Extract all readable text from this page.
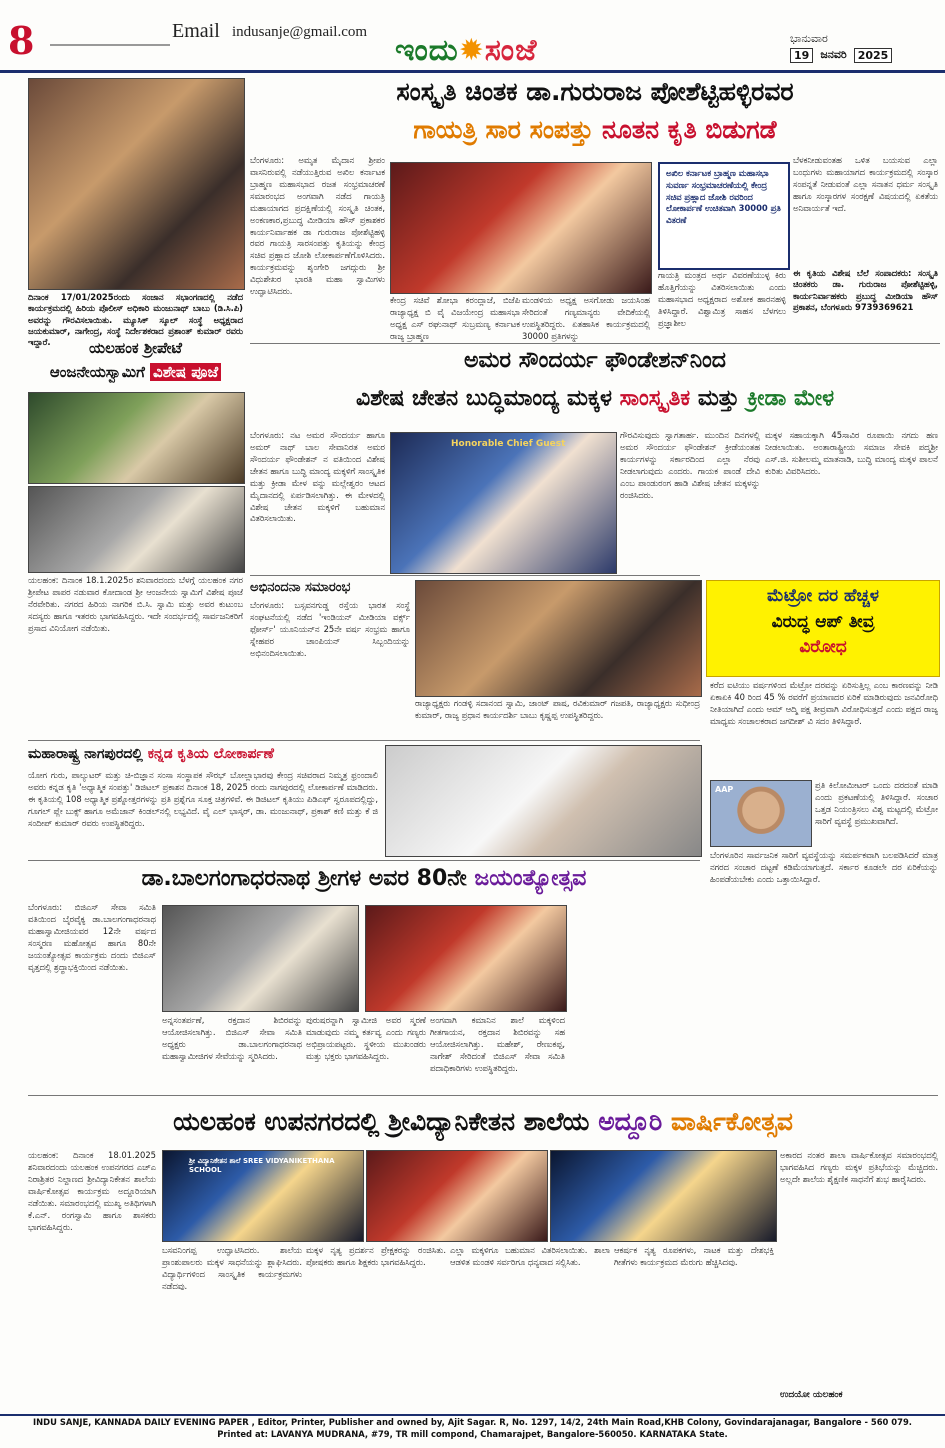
8	Email indusanje@gmail.com
ಇಂದು✹ಸಂಜೆ	ಭಾನುವಾರ
19	ಜನವರಿ	2025
ದಿನಾಂಕ 17/01/2025ರಂದು ಸಂಜಾನ ಸಭಾಂಗಣದಲ್ಲಿ ನಡೆದ ಕಾರ್ಯಕ್ರಮದಲ್ಲಿ ಹಿರಿಯ ಪೊಲೀಸ್ ಅಧಿಕಾರಿ ಮಂಜುನಾಥ್ ಬಾಬು (ಡಿ.ಸಿ.ಪಿ) ಅವರನ್ನು ಗೌರವಿಸಲಾಯಿತು. ಮ್ಯೂಸಿಕ್ ಸ್ಕೂಲ್ ಸಂಸ್ಥೆ ಅಧ್ಯಕ್ಷರಾದ ಜಯಕುಮಾರ್, ನಾಗೇಂದ್ರ, ಸಂಸ್ಥೆ ನಿರ್ದೇಶಕರಾದ ಪ್ರಶಾಂತ್ ಕುಮಾರ್ ರವರು ಇದ್ದಾರೆ.
ಸಂಸ್ಕೃತಿ ಚಿಂತಕ ಡಾ.ಗುರುರಾಜ ಪೋಶೆಟ್ಟಿಹಳ್ಳಿರವರ
ಗಾಯತ್ರಿ ಸಾರ ಸಂಪತ್ತು ನೂತನ ಕೃತಿ ಬಿಡುಗಡೆ
ಬೆಂಗಳೂರು: ಅಮೃತ ಮೈದಾನ ಶ್ರೀಪಂ ವಾಸನಿರುವಲ್ಲಿ ನಡೆಯುತ್ತಿರುವ ಅಖಿಲ ಕರ್ನಾಟಕ ಬ್ರಾಹ್ಮಣ ಮಹಾಸಭಾದ ರಜತ ಸಂಭ್ರಮಾಚರಣೆ ಸಮಾರಂಭದ ಅಂಗವಾಗಿ ನಡೆದ ಗಾಯತ್ರಿ ಮಹಾಯಾಗದ ಪ್ರದಕ್ಷಿಣೆಯಲ್ಲಿ ಸಂಸ್ಕೃತಿ ಚಿಂತಕ, ಅಂಕಣಕಾರ,ಪ್ರಬುದ್ಧ ಮೀಡಿಯಾ ಹೌಸ್ ಪ್ರಕಾಶಕರ ಕಾರ್ಯನಿರ್ವಾಹಕ ಡಾ ಗುರುರಾಜ ಪೋಶೆಟ್ಟಿಹಳ್ಳಿ ರವರ ಗಾಯತ್ರಿ ಸಾರಸಂಪತ್ತು ಕೃತಿಯನ್ನು ಕೇಂದ್ರ ಸಚಿವ ಪ್ರಹ್ಲಾದ ಜೋಶಿ ಲೋಕಾರ್ಪಣೆಗೊಳಿಸಿದರು. ಕಾರ್ಯಕ್ರಮವನ್ನು ಶೃಂಗೇರಿ ಜಗದ್ಗುರು ಶ್ರೀ ವಿಧುಶೇಖರ ಭಾರತಿ ಮಹಾ ಸ್ವಾಮಿಗಳು ಉದ್ಘಾಟಿಸಿದರು.
ಕೇಂದ್ರ ಸಚಿವೆ ಶೋಭಾ ಕರಂದ್ಲಾಜೆ, ಬಿಜೆಪಿ ರಾಜ್ಯಾಧ್ಯಕ್ಷ ಬಿ ವೈ ವಿಜಯೇಂದ್ರ ಮಹಾಸಭಾ ಅಧ್ಯಕ್ಷ ಎಸ್ ರಘುನಾಥ್ ಸುಬ್ರಮಣ್ಯ ಕರ್ನಾಟಕ ರಾಜ್ಯ ಬ್ರಾಹ್ಮಣ
ಮಂಡಳಿಯ ಅಧ್ಯಕ್ಷ ಅಸಗೋಡು ಜಯಸಿಂಹ ಸೇರಿದಂತೆ ಗಣ್ಯಮಾನ್ಯರು ವೇದಿಕೆಯಲ್ಲಿ ಉಪಸ್ಥಿತರಿದ್ದರು. ಏತಹಾಸಿಕ ಕಾರ್ಯಕ್ರಮದಲ್ಲಿ 30000 ಪ್ರತಿಗಳನ್ನು
ಅಖಿಲ ಕರ್ನಾಟಕ ಬ್ರಾಹ್ಮಣ ಮಹಾಸಭಾ ಸುವರ್ಣ ಸಂಭ್ರಮಾಚರಣೆಯಲ್ಲಿ ಕೇಂದ್ರ ಸಚಿವ ಪ್ರಹ್ಲಾದ ಜೋಶಿ ರವರಿಂದ ಲೋಕಾರ್ಪಣೆ ಉಚಿತವಾಗಿ 30000 ಪ್ರತಿ ವಿತರಣೆ
ಗಾಯತ್ರಿ ಮಂತ್ರದ ಅರ್ಥ ವಿವರಣೆಯುಳ್ಳ ಕಿರು ಹೊತ್ತಿಗೆಯನ್ನು ವಿತರಿಸಲಾಯಿತು ಎಂದು ಮಹಾಸಭಾದ ಅಧ್ಯಕ್ಷರಾದ ಅಶೋಕ ಹಾರನಹಳ್ಳಿ ತಿಳಿಸಿದ್ದಾರೆ. ವಿಶ್ವಾಮಿತ್ರ ಸಾಹಸ ಬೆಳಗಲು ಪ್ರಜ್ಞಾಶೀಲ
ಬೆಳಕನೀಡುವಂತಹ ಒಳಿತ ಬಯಸುವ ಎಲ್ಲಾ ಬಂಧುಗಳು ಮಹಾಯಾಗದ ಕಾರ್ಯಕ್ರಮದಲ್ಲಿ ಸಂಸ್ಕಾರ ಸಂಪನ್ನತೆ ನೀಡುವಂತೆ ಎಲ್ಲಾ ಸನಾತನ ಧರ್ಮ ಸಂಸ್ಕೃತಿ ಹಾಗೂ ಸಂಸ್ಕಾರಗಳ ಸಂರಕ್ಷಣೆ ವಿಷಯದಲ್ಲಿ ಏಕತೆಯ ಅನಿವಾರ್ಯತೆ ಇದೆ.
ಈ ಕೃತಿಯ ವಿಶೇಷ ಬೆಲೆ ಸಂಪಾದಕರು: ಸಂಸ್ಕೃತಿ ಚಿಂತಕರು ಡಾ. ಗುರುರಾಜ ಪೋಶೆಟ್ಟಿಹಳ್ಳಿ, ಕಾರ್ಯನಿರ್ವಾಹಕರು ಪ್ರಬುದ್ಧ ಮೀಡಿಯಾ ಹೌಸ್ ಪ್ರಕಾಶನ, ಬೆಂಗಳೂರು 9739369621
ಯಲಹಂಕ ಶ್ರೀಪೇಟೆ
ಆಂಜನೇಯಸ್ವಾಮಿಗೆ ವಿಶೇಷ ಪೂಜೆ
ಯಲಹಂಕ: ದಿನಾಂಕ 18.1.2025ರ ಶನಿವಾರದಂದು ಬೆಳಗ್ಗೆ ಯಲಹಂಕ ನಗರ ಶ್ರೀಪೇಟ ಪಾಪರ ನಡುವಾರ ಕೋದಾಂಡ ಶ್ರೀ ಆಂಜನೇಯ ಸ್ವಾಮಿಗೆ ವಿಶೇಷ ಪೂಜೆ ನೆರವೇರಿತು. ನಗರದ ಹಿರಿಯ ನಾಗರಿಕ ಬಿ.ಸಿ. ಸ್ವಾಮಿ ಮತ್ತು ಅವರ ಕುಟುಂಬ ಸದಸ್ಯರು ಹಾಗೂ ಇತರರು ಭಾಗವಹಿಸಿದ್ದರು. ಇದೇ ಸಂದರ್ಭದಲ್ಲಿ ಸಾರ್ವಜನಿಕರಿಗೆ ಪ್ರಸಾದ ವಿನಿಯೋಗ ನಡೆಯಿತು.
ಅಮರ ಸೌಂದರ್ಯ ಫೌಂಡೇಶನ್‌ನಿಂದ
ವಿಶೇಷ ಚೇತನ ಬುದ್ಧಿಮಾಂದ್ಯ ಮಕ್ಕಳ ಸಾಂಸ್ಕೃತಿಕ ಮತ್ತು ಕ್ರೀಡಾ ಮೇಳ
ಬೆಂಗಳೂರು: ನಟ ಅಮರ ಸೌಂದರ್ಯ ಹಾಗೂ ಅಮರ್ ನಾಥ್ ಬಾಲ ಸೇವಾನಿರತ ಅಮರ ಸೌಂದರ್ಯ ಫೌಂಡೇಶನ್ ನ ವತಿಯಿಂದ ವಿಶೇಷ ಚೇತನ ಹಾಗೂ ಬುದ್ಧಿ ಮಾಂದ್ಯ ಮಕ್ಕಳಿಗೆ ಸಾಂಸ್ಕೃತಿಕ ಮತ್ತು ಕ್ರೀಡಾ ಮೇಳ ವನ್ನು ಮಲ್ಲೇಶ್ವರಂ ಆಟದ ಮೈದಾನದಲ್ಲಿ ಏರ್ಪಡಿಸಲಾಗಿತ್ತು. ಈ ಮೇಳದಲ್ಲಿ ವಿಶೇಷ ಚೇತನ ಮಕ್ಕಳಿಗೆ ಬಹುಮಾನ ವಿತರಿಸಲಾಯಿತು.
Honorable Chief Guest
ಗೌರವಿಸುವುದು ಸ್ವಾಗತಾರ್ಹ. ಮುಂದಿನ ದಿನಗಳಲ್ಲಿ ಅಮರ ಸೌಂದರ್ಯ ಫೌಂಡೇಶನ್ ಕ್ರೀಡೆಯಂತಹ ಕಾರ್ಯಗಳನ್ನು ಸರ್ಕಾರದಿಂದ ಎಲ್ಲಾ ನೆರವು ನೀಡಲಾಗುವುದು ಎಂದರು. ಗಾಯಕ ಪಾಂಡೆ ದೇವಿ ಎಂಬ ಪಾಂಡುರಂಗ ಹಾಡಿ ವಿಶೇಷ ಚೇತನ ಮಕ್ಕಳನ್ನು ರಂಜಿಸಿದರು.
ಮಕ್ಕಳ ಸಹಾಯಕ್ಕಾಗಿ 45ಸಾವಿರ ರೂಪಾಯಿ ನಗದು ಹಣ ನೀಡಲಾಯಿತು. ಅಂತಾರಾಷ್ಟ್ರೀಯ ಸಮಾಜ ಸೇವಕಿ ಪದ್ಮಶ್ರೀ ಎಸ್.ಜಿ. ಸುಶೀಲಮ್ಮ ಮಾತನಾಡಿ, ಬುದ್ಧಿ ಮಾಂದ್ಯ ಮಕ್ಕಳ ಪಾಲನೆ ಕುರಿತು ವಿವರಿಸಿದರು.
ಅಭಿನಂದನಾ ಸಮಾರಂಭ
ಬೆಂಗಳೂರು: ಬಸ್ಸವನಗುಡ್ಡ ರಸ್ತೆಯ ಭಾರತ ಸಂಸ್ಥೆ ಸಂಘಟನೆಯಲ್ಲಿ ನಡೆದ 'ಇಂಡಿಯನ್ ಮೀಡಿಯಾ ವರ್ಕ್ಸ್ ಫೋರ್ಸ್' ಯೂನಿಯನ್‌ನ 25ನೇ ವರ್ಷ ಸಂಭ್ರಮ ಹಾಗೂ ಸ್ನೇಹಪರ ಚಾಂಪಿಯನ್ ಸಿಬ್ಬಂದಿಯನ್ನು ಅಭಿನಂದಿಸಲಾಯಿತು.
ರಾಜ್ಯಾಧ್ಯಕ್ಷರು ಗಂಡಳ್ಳಿ ಸದಾನಂದ ಸ್ವಾಮಿ, ಜಾಂಟ್ ಪಾಷ, ರವಿಕುಮಾರ್ ಗಜಪತಿ, ರಾಜ್ಯಾಧ್ಯಕ್ಷರು ಸುಧೀಂದ್ರ ಕುಮಾರ್, ರಾಜ್ಯ ಪ್ರಧಾನ ಕಾರ್ಯದರ್ಶಿ ಬಾಬು ಕೃಷ್ಣಪ್ಪ ಉಪಸ್ಥಿತರಿದ್ದರು.
ಮೆಟ್ರೋ ದರ ಹೆಚ್ಚಳ
ವಿರುದ್ಧ ಆಪ್ ತೀವ್ರ
ವಿರೋಧ
ಕರೆದ ಐಟಿಯು ವರ್ಷಗಳಿಂದ ಮೆಟ್ರೋ ದರವನ್ನು ಏರಿಸುತ್ತಿಲ್ಲ ಎಂಬ ಕಾರಣವನ್ನು ನೀಡಿ ಏಕಾಏಕಿ 40 ರಿಂದ 45 % ರವರೆಗೆ ಪ್ರಯಾಣದರ ಏರಿಕೆ ಮಾಡಿರುವುದು ಜನವಿರೋಧಿ ನೀತಿಯಾಗಿದೆ ಎಂದು ಆಮ್ ಆದ್ಮಿ ಪಕ್ಷ ತೀವ್ರವಾಗಿ ವಿರೋಧಿಸುತ್ತದೆ ಎಂದು ಪಕ್ಷದ ರಾಜ್ಯ ಮಾಧ್ಯಮ ಸಂಚಾಲಕರಾದ ಜಗದೀಶ್ ವಿ ಸದಂ ತಿಳಿಸಿದ್ದಾರೆ.
AAP	ಪ್ರತಿ ಕಿಲೋಮೀಟರ್ ಒಂದು ದರದಂತೆ ಮಾಡಿ ಎಂದು ಪ್ರಕಟಣೆಯಲ್ಲಿ ತಿಳಿಸಿದ್ದಾರೆ. ಸಂಚಾರ ಒತ್ತಡ ನಿಯಂತ್ರಿಸಲು ವಿಶ್ವ ಮಟ್ಟದಲ್ಲಿ ಮೆಟ್ರೋ ಸಾರಿಗೆ ವ್ಯವಸ್ಥೆ ಪ್ರಮುಖವಾಗಿದೆ.
ಬೆಂಗಳೂರಿನ ಸಾರ್ವಜನಿಕ ಸಾರಿಗೆ ವ್ಯವಸ್ಥೆಯನ್ನು ಸಮರ್ಪಕವಾಗಿ ಬಲಪಡಿಸಿದರೆ ಮಾತ್ರ ನಗರದ ಸಂಚಾರ ದಟ್ಟಣೆ ಕಡಿಮೆಯಾಗುತ್ತದೆ. ಸರ್ಕಾರ ಕೂಡಲೇ ದರ ಏರಿಕೆಯನ್ನು ಹಿಂಪಡೆಯಬೇಕು ಎಂದು ಒತ್ತಾಯಿಸಿದ್ದಾರೆ.
ಮಹಾರಾಷ್ಟ್ರ ನಾಗಪುರದಲ್ಲಿ ಕನ್ನಡ ಕೃತಿಯ ಲೋಕಾರ್ಪಣೆ
ಯೋಗ ಗುರು, ಪಾಲ್ಯುಟರ್ ಮತ್ತು ಚಿ-ಬಿಜ್ಞಾನ ಸಂಸಾ ಸಂಸ್ಥಾಪಕ ಸೌರಭ್ ಬೋಲ್ಲಾಭಾರವು ಕೇಂದ್ರ ಸಚಿವರಾದ ನಿಮ್ಮತ್ರ ಫ್ರಂಂದಾಲಿ ಅವರು ಕನ್ನಡ ಕೃತಿ 'ಅಧ್ಯಾತ್ಮಿಕ ಸಂಪತ್ತು' ಡಿಜಿಟಲ್ ಪ್ರಕಾಶನ ದಿನಾಂಕ 18, 2025 ರಂದು ನಾಗಪುರದಲ್ಲಿ ಲೋಕಾರ್ಪಣೆ ಮಾಡಿದರು. ಈ ಕೃತಿಯಲ್ಲಿ 108 ಅಧ್ಯಾತ್ಮಿಕ ಪ್ರಶ್ನೋತ್ತರಗಳನ್ನು ಪ್ರತಿ ಪ್ರಶ್ನೆಗೂ ಸೂಕ್ತ ಚಿತ್ರಗಳಿವೆ. ಈ ಡಿಜಿಟಲ್ ಕೃತಿಯು ಪಿಡಿಎಫ್ ಸ್ವರೂಪದಲ್ಲಿದ್ದು, ಗೂಗಲ್ ಪ್ಲೇ ಬುಕ್ಸ್ ಹಾಗೂ ಅಮೆಜಾನ್ ಕಿಂಡಲ್‌ನಲ್ಲಿ ಲಭ್ಯವಿದೆ. ವೈ ಎಲ್ ಭಾಸ್ಕರ್, ಡಾ. ಮಂಜುನಾಥ್, ಪ್ರಕಾಶ್ ಕಣಿ ಮತ್ತು ಕೆ ಜಿ ಸಂದೀಪ್ ಕುಮಾರ್ ರವರು ಉಪಸ್ಥಿತರಿದ್ದರು.
ಡಾ.ಬಾಲಗಂಗಾಧರನಾಥ ಶ್ರೀಗಳ ಅವರ 80ನೇ ಜಯಂತ್ಯೋತ್ಸವ
ಬೆಂಗಳೂರು: ಬಿಜಿಎಸ್ ಸೇವಾ ಸಮಿತಿ ವತಿಯಿಂದ ಬೈರವೈಕ್ಯ ಡಾ.ಬಾಲಗಂಗಾಧರನಾಥ ಮಹಾಸ್ವಾಮೀಜಿಯವರ 12ನೇ ವರ್ಷದ ಸಂಸ್ಮರಣ ಮಹೋತ್ಸವ ಹಾಗೂ 80ನೇ ಜಯಂತ್ಯೋತ್ಸವ ಕಾರ್ಯಕ್ರಮ ದಂದು ಬಿಜಿಎಸ್ ವೃತ್ತದಲ್ಲಿ ಶ್ರದ್ಧಾಭಕ್ತಿಯಿಂದ ನಡೆಯಿತು.
ಅನ್ನಸಂತರ್ಪಣೆ, ರಕ್ತದಾನ ಶಿಬಿರವನ್ನು ಆಯೋಜಿಸಲಾಗಿತ್ತು. ಬಿಜಿಎಸ್ ಸೇವಾ ಸಮಿತಿ ಅಧ್ಯಕ್ಷರು ಡಾ.ಬಾಲಗಂಗಾಧರನಾಥ ಮಹಾಸ್ವಾಮೀಜಿಗಳ ಸೇವೆಯನ್ನು ಸ್ಮರಿಸಿದರು.
ಪುರುಷರನ್ನಾಗಿ ಸ್ವಾಮೀಜಿ ಅವರ ಸ್ಮರಣೆ ಮಾಡುವುದು ನಮ್ಮ ಕರ್ತವ್ಯ ಎಂದು ಗಣ್ಯರು ಅಭಿಪ್ರಾಯಪಟ್ಟರು. ಸ್ಥಳೀಯ ಮುಖಂಡರು ಮತ್ತು ಭಕ್ತರು ಭಾಗವಹಿಸಿದ್ದರು.
ಅಂಗವಾಗಿ ಕಮಾನಿನ ಶಾಲೆ ಮಕ್ಕಳಿಂದ ಗೀತಗಾಯನ, ರಕ್ತದಾನ ಶಿಬಿರವನ್ನು ಸಹ ಆಯೋಜಿಸಲಾಗಿತ್ತು. ಮಹೇಶ್, ರೇಣುಕಪ್ಪ, ನಾಗೇಶ್ ಸೇರಿದಂತೆ ಬಿಜಿಎಸ್ ಸೇವಾ ಸಮಿತಿ ಪದಾಧಿಕಾರಿಗಳು ಉಪಸ್ಥಿತರಿದ್ದರು.
ಯಲಹಂಕ ಉಪನಗರದಲ್ಲಿ ಶ್ರೀವಿದ್ಯಾನಿಕೇತನ ಶಾಲೆಯ ಅದ್ದೂರಿ ವಾರ್ಷಿಕೋತ್ಸವ
ಯಲಹಂಕ: ದಿನಾಂಕ 18.01.2025 ಶನಿವಾರದಂದು ಯಲಹಂಕ ಉಪನಗರದ ಎಚ್‌ಎ ನಿರಾಶ್ರಿತರ ನಿಲ್ದಾಣದ ಶ್ರೀವಿದ್ಯಾನಿಕೇತನ ಶಾಲೆಯ ವಾರ್ಷಿಕೋತ್ಸವ ಕಾರ್ಯಕ್ರಮ ಅದ್ದೂರಿಯಾಗಿ ನಡೆಯಿತು. ಸಮಾರಂಭದಲ್ಲಿ ಮುಖ್ಯ ಅತಿಥಿಗಳಾಗಿ ಕೆ.ಎನ್. ರಂಗಸ್ವಾಮಿ ಹಾಗೂ ಶಾಸಕರು ಭಾಗವಹಿಸಿದ್ದರು.
ಶ್ರೀ ವಿದ್ಯಾನಿಕೇತನ ಶಾಲೆ SREE VIDYANIKETHANA SCHOOL
ಅಕಾರದ ನಂತರ ಶಾಲಾ ವಾರ್ಷಿಕೋತ್ಸವ ಸಮಾರಂಭದಲ್ಲಿ ಭಾಗವಹಿಸಿದ ಗಣ್ಯರು ಮಕ್ಕಳ ಪ್ರತಿಭೆಯನ್ನು ಮೆಚ್ಚಿದರು. ಅಲ್ಲದೇ ಶಾಲೆಯ ಶೈಕ್ಷಣಿಕ ಸಾಧನೆಗೆ ಶುಭ ಹಾರೈಸಿದರು.
ಬಸವನಿಂಗಪ್ಪ ಉದ್ಘಾಟಿಸಿದರು. ಶಾಲೆಯ ಪ್ರಾಂಶುಪಾಲರು ಮಕ್ಕಳ ಸಾಧನೆಯನ್ನು ಶ್ಲಾಘಿಸಿದರು. ವಿದ್ಯಾರ್ಥಿಗಳಿಂದ ಸಾಂಸ್ಕೃತಿಕ ಕಾರ್ಯಕ್ರಮಗಳು ನಡೆದವು.
ಮಕ್ಕಳ ನೃತ್ಯ ಪ್ರದರ್ಶನ ಪ್ರೇಕ್ಷಕರನ್ನು ರಂಜಿಸಿತು. ಪೋಷಕರು ಹಾಗೂ ಶಿಕ್ಷಕರು ಭಾಗವಹಿಸಿದ್ದರು.
ಎಲ್ಲಾ ಮಕ್ಕಳಿಗೂ ಬಹುಮಾನ ವಿತರಿಸಲಾಯಿತು. ಶಾಲಾ ಆಡಳಿತ ಮಂಡಳಿ ಸರ್ವರಿಗೂ ಧನ್ಯವಾದ ಸಲ್ಲಿಸಿತು.
ಆಕರ್ಷಕ ನೃತ್ಯ ರೂಪಕಗಳು, ನಾಟಕ ಮತ್ತು ದೇಶಭಕ್ತಿ ಗೀತೆಗಳು ಕಾರ್ಯಕ್ರಮದ ಮೆರುಗು ಹೆಚ್ಚಿಸಿದವು.
ಉದಯೋ ಯಲಹಂಕ
INDU SANJE, KANNADA DAILY EVENING PAPER , Editor, Printer, Publisher and owned by, Ajit Sagar. R, No. 1297, 14/2, 24th Main Road,KHB Colony, Govindarajanagar, Bangalore - 560 079.
Printed at: LAVANYA MUDRANA, #79, TR mill compond, Chamarajpet, Bangalore-560050. KARNATAKA State.
